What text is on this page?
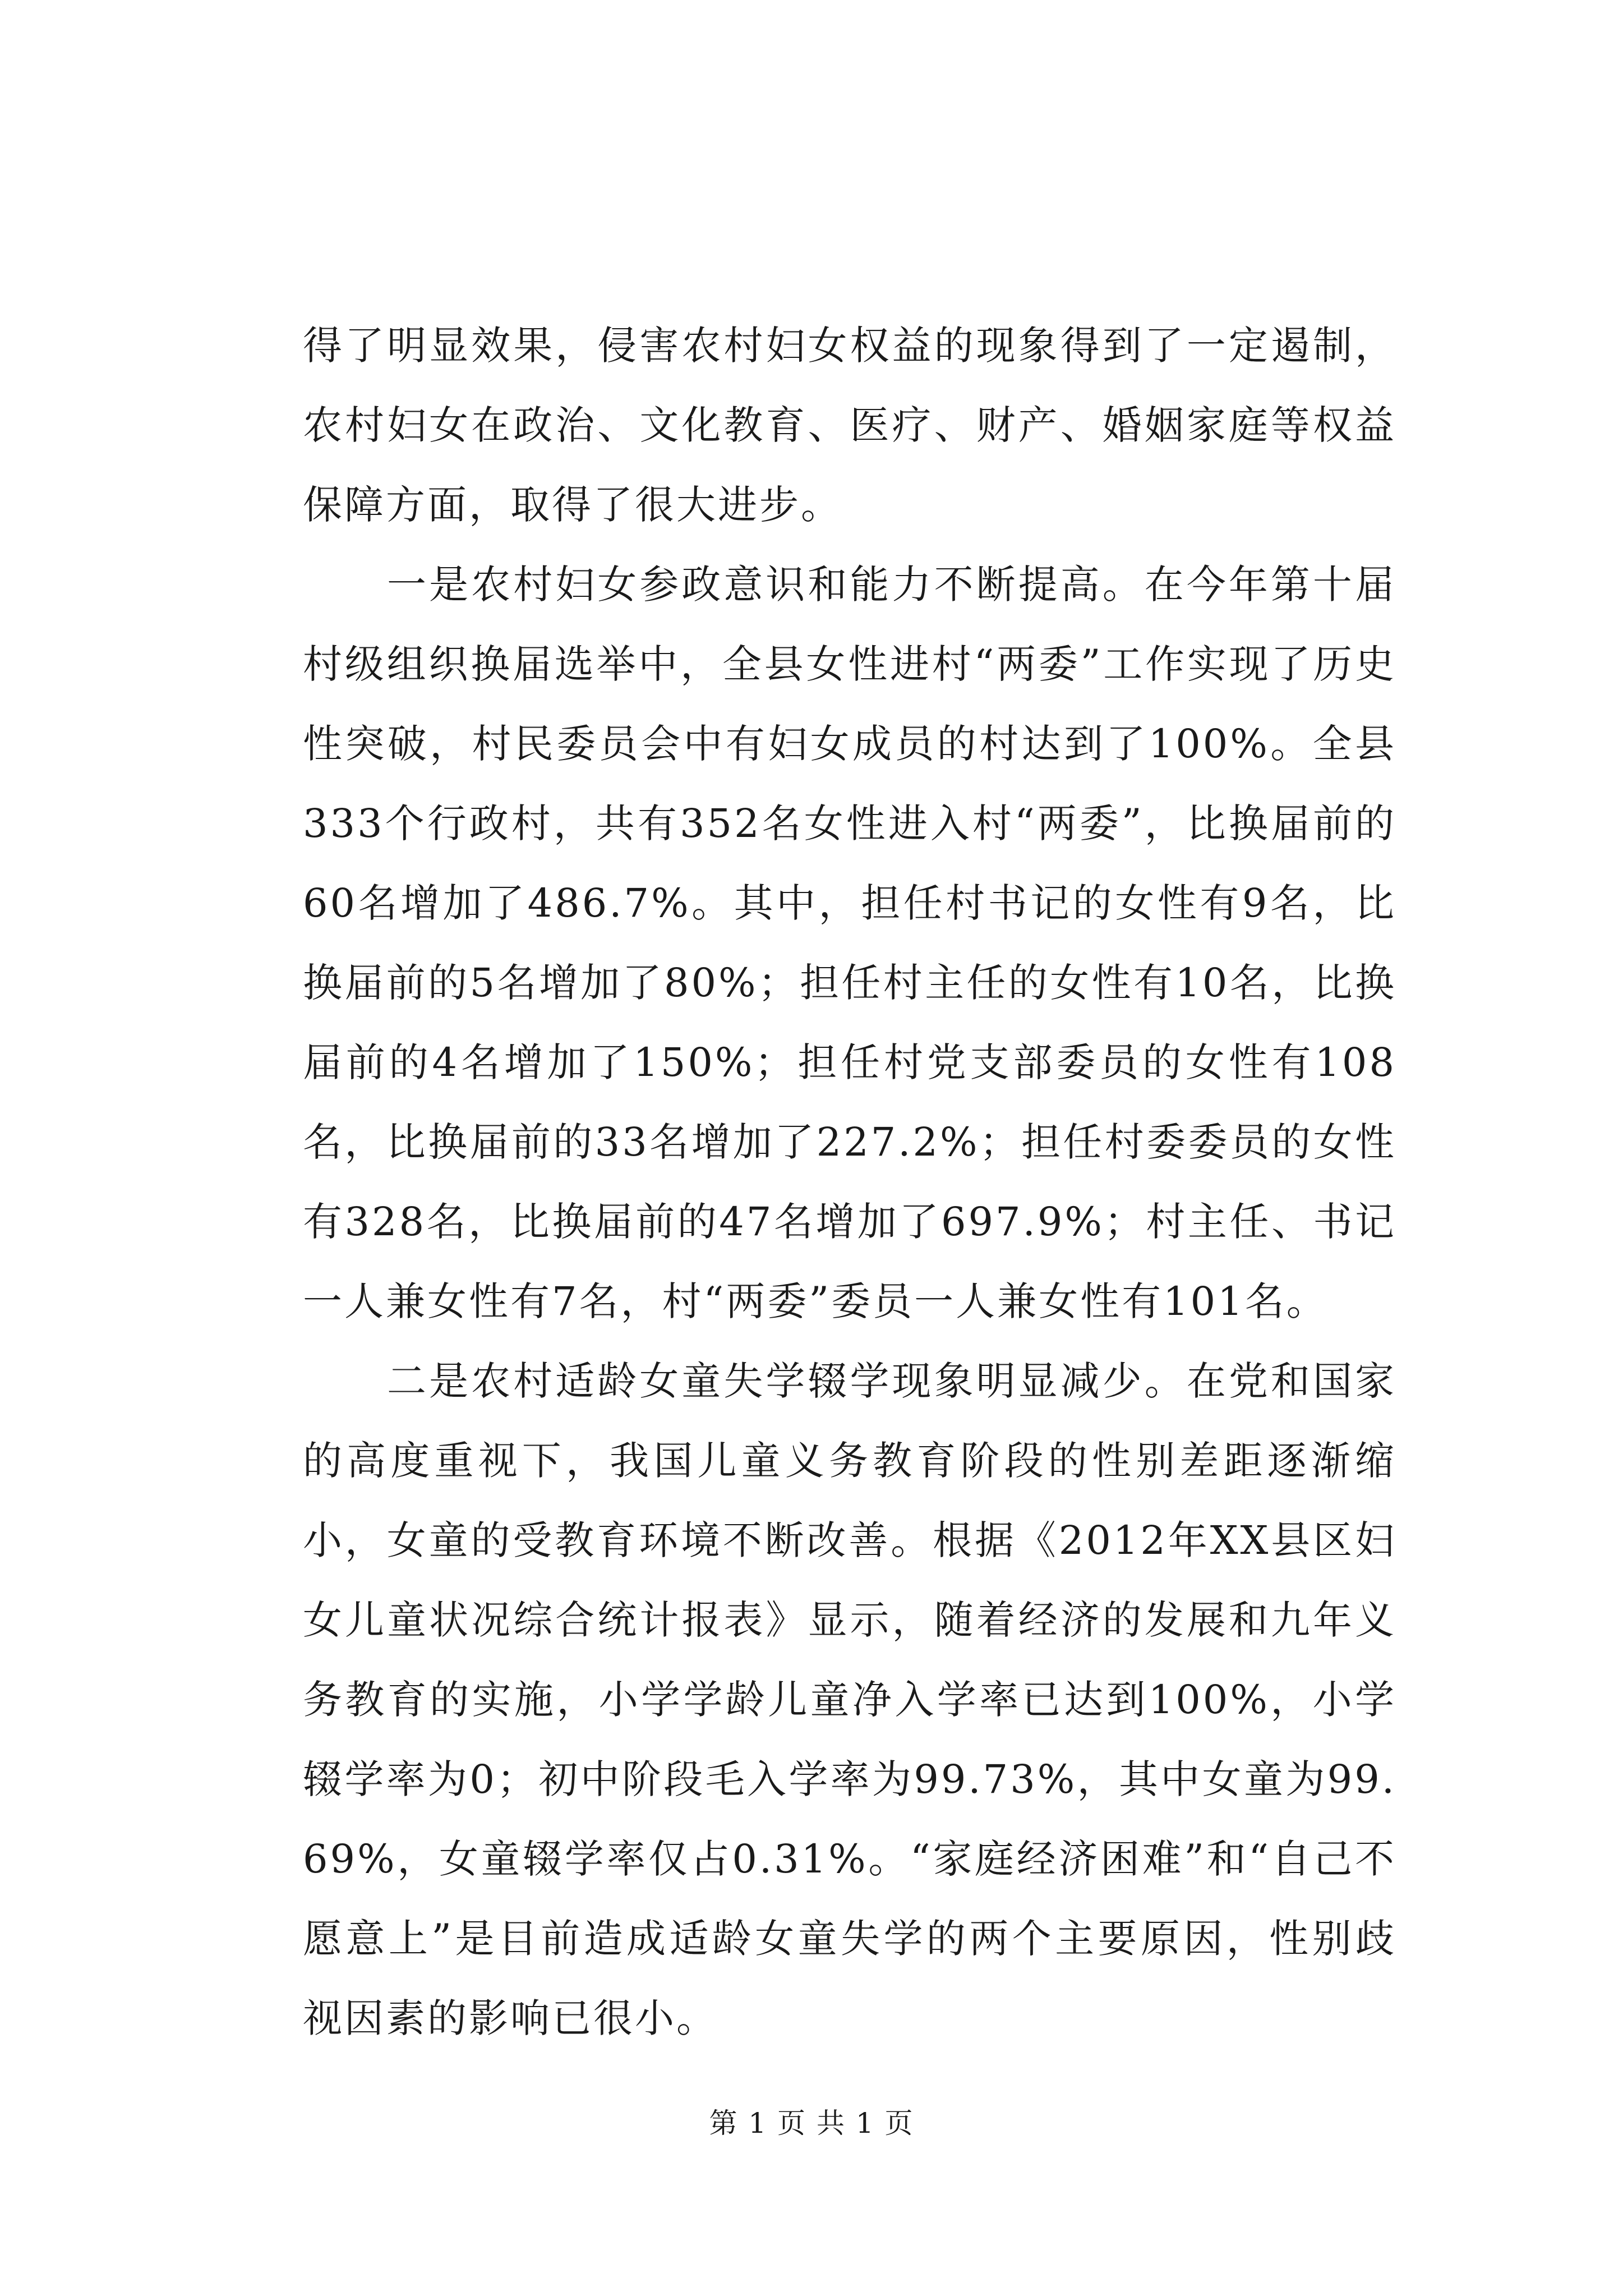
得了明显效果，侵害农村妇女权益的现象得到了一定遏制，农村妇女在政治、文化教育、医疗、财产、婚姻家庭等权益保障方面，取得了很大进步。

一是农村妇女参政意识和能力不断提高。在今年第十届村级组织换届选举中，全县女性进村“两委”工作实现了历史性突破，村民委员会中有妇女成员的村达到了100%。全县333个行政村，共有352名女性进入村“两委”，比换届前的60名增加了486.7%。其中，担任村书记的女性有9名，比换届前的5名增加了80%；担任村主任的女性有10名，比换届前的4名增加了150%；担任村党支部委员的女性有108名，比换届前的33名增加了227.2%；担任村委委员的女性有328名，比换届前的47名增加了697.9%；村主任、书记一人兼女性有7名，村“两委”委员一人兼女性有101名。

二是农村适龄女童失学辍学现象明显减少。在党和国家的高度重视下，我国儿童义务教育阶段的性别差距逐渐缩小，女童的受教育环境不断改善。根据《2012年XX县区妇女儿童状况综合统计报表》显示，随着经济的发展和九年义务教育的实施，小学学龄儿童净入学率已达到100%，小学辍学率为0；初中阶段毛入学率为99.73%，其中女童为99.69%，女童辍学率仅占0.31%。“家庭经济困难”和“自己不愿意上”是目前造成适龄女童失学的两个主要原因，性别歧视因素的影响已很小。

第 1 页 共 1 页
